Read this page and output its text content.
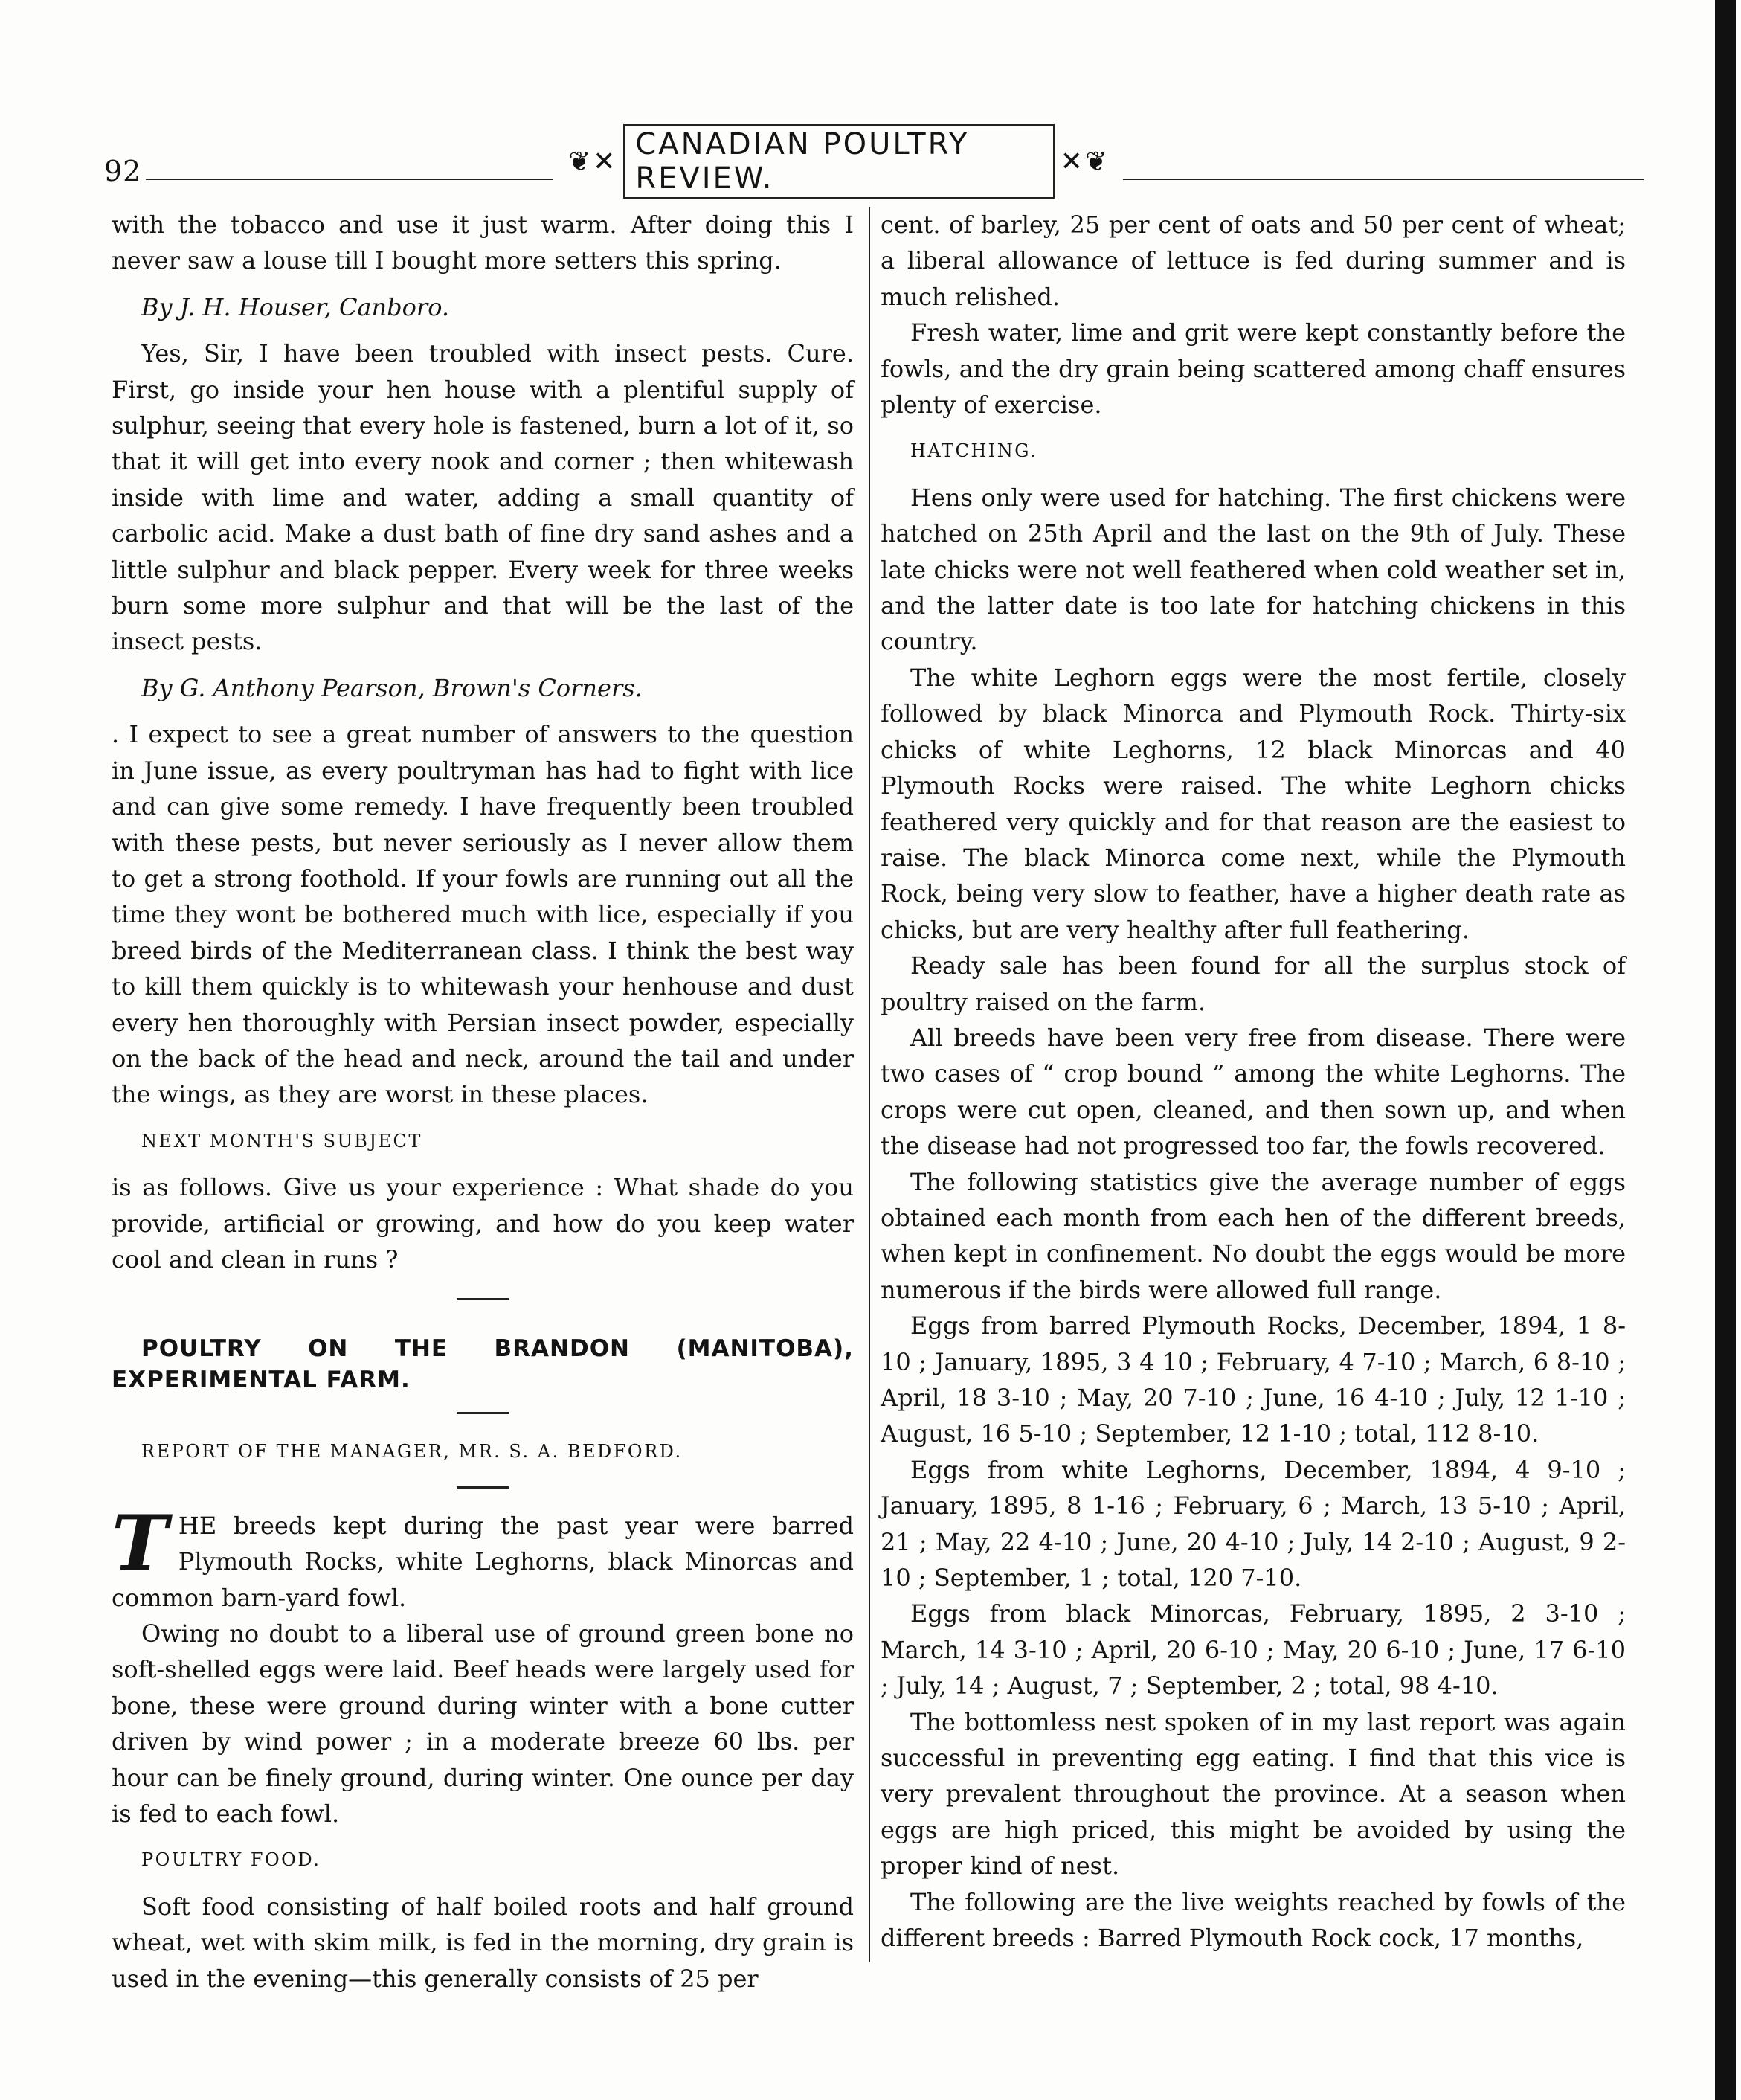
92	❦✕ CANADIAN POULTRY REVIEW.	✕❦

with the tobacco and use it just warm. After doing this I never saw a louse till I bought more setters this spring.

By J. H. Houser, Canboro.

Yes, Sir, I have been troubled with insect pests. Cure. First, go inside your hen house with a plentiful supply of sulphur, seeing that every hole is fastened, burn a lot of it, so that it will get into every nook and corner ; then whitewash inside with lime and water, adding a small quantity of carbolic acid. Make a dust bath of fine dry sand ashes and a little sulphur and black pepper. Every week for three weeks burn some more sulphur and that will be the last of the insect pests.

By G. Anthony Pearson, Brown's Corners.

. I expect to see a great number of answers to the question in June issue, as every poultryman has had to fight with lice and can give some remedy. I have frequently been troubled with these pests, but never seriously as I never allow them to get a strong foothold. If your fowls are running out all the time they wont be bothered much with lice, especially if you breed birds of the Mediterranean class. I think the best way to kill them quickly is to whitewash your henhouse and dust every hen thoroughly with Persian insect powder, especially on the back of the head and neck, around the tail and under the wings, as they are worst in these places.

NEXT MONTH'S SUBJECT

is as follows. Give us your experience : What shade do you provide, artificial or growing, and how do you keep water cool and clean in runs ?

POULTRY ON THE BRANDON (MANITOBA), EXPERIMENTAL FARM.

REPORT OF THE MANAGER, MR. S. A. BEDFORD.

THE breeds kept during the past year were barred Plymouth Rocks, white Leghorns, black Minorcas and common barn-yard fowl.

Owing no doubt to a liberal use of ground green bone no soft-shelled eggs were laid. Beef heads were largely used for bone, these were ground during winter with a bone cutter driven by wind power ; in a moderate breeze 60 lbs. per hour can be finely ground, during winter. One ounce per day is fed to each fowl.

POULTRY FOOD.

Soft food consisting of half boiled roots and half ground wheat, wet with skim milk, is fed in the morning, dry grain is used in the evening—this generally consists of 25 per

cent. of barley, 25 per cent of oats and 50 per cent of wheat; a liberal allowance of lettuce is fed during summer and is much relished.

Fresh water, lime and grit were kept constantly before the fowls, and the dry grain being scattered among chaff ensures plenty of exercise.

HATCHING.

Hens only were used for hatching. The first chickens were hatched on 25th April and the last on the 9th of July. These late chicks were not well feathered when cold weather set in, and the latter date is too late for hatching chickens in this country.

The white Leghorn eggs were the most fertile, closely followed by black Minorca and Plymouth Rock. Thirty-six chicks of white Leghorns, 12 black Minorcas and 40 Plymouth Rocks were raised. The white Leghorn chicks feathered very quickly and for that reason are the easiest to raise. The black Minorca come next, while the Plymouth Rock, being very slow to feather, have a higher death rate as chicks, but are very healthy after full feathering.

Ready sale has been found for all the surplus stock of poultry raised on the farm.

All breeds have been very free from disease. There were two cases of “ crop bound ” among the white Leghorns. The crops were cut open, cleaned, and then sown up, and when the disease had not progressed too far, the fowls recovered.

The following statistics give the average number of eggs obtained each month from each hen of the different breeds, when kept in confinement. No doubt the eggs would be more numerous if the birds were allowed full range.

Eggs from barred Plymouth Rocks, December, 1894, 1 8-10 ; January, 1895, 3 4 10 ; February, 4 7-10 ; March, 6 8-10 ; April, 18 3-10 ; May, 20 7-10 ; June, 16 4-10 ; July, 12 1-10 ; August, 16 5-10 ; September, 12 1-10 ; total, 112 8-10.

Eggs from white Leghorns, December, 1894, 4 9-10 ; January, 1895, 8 1-16 ; February, 6 ; March, 13 5-10 ; April, 21 ; May, 22 4-10 ; June, 20 4-10 ; July, 14 2-10 ; August, 9 2-10 ; September, 1 ; total, 120 7-10.

Eggs from black Minorcas, February, 1895, 2 3-10 ; March, 14 3-10 ; April, 20 6-10 ; May, 20 6-10 ; June, 17 6-10 ; July, 14 ; August, 7 ; September, 2 ; total, 98 4-10.

The bottomless nest spoken of in my last report was again successful in preventing egg eating. I find that this vice is very prevalent throughout the province. At a season when eggs are high priced, this might be avoided by using the proper kind of nest.

The following are the live weights reached by fowls of the different breeds : Barred Plymouth Rock cock, 17 months,
